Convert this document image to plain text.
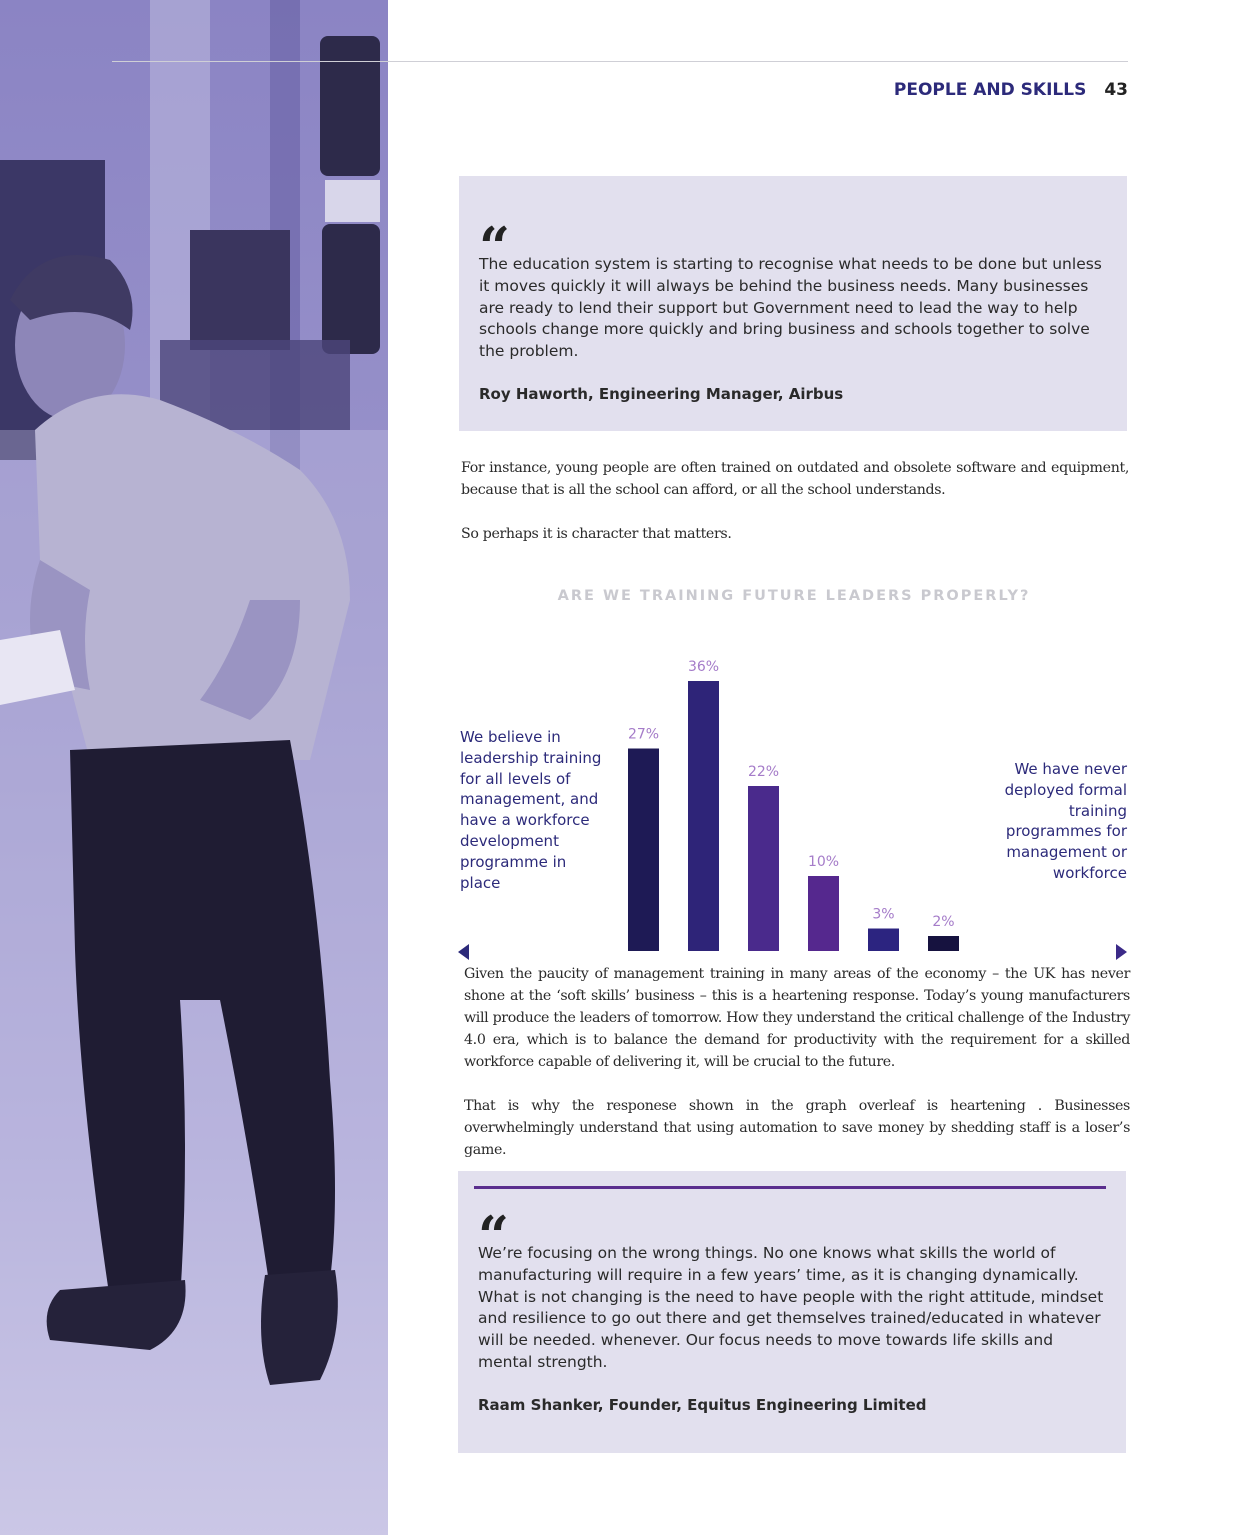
PEOPLE AND SKILLS 43
“
The education system is starting to recognise what needs to be done but unless it moves quickly it will always be behind the business needs. Many businesses are ready to lend their support but Government need to lead the way to help schools change more quickly and bring business and schools together to solve the problem.
Roy Haworth, Engineering Manager, Airbus

For instance, young people are often trained on outdated and obsolete software and equipment, because that is all the school can afford, or all the school understands.

So perhaps it is character that matters.

ARE WE TRAINING FUTURE LEADERS PROPERLY?
27%
36%
22%
10%
3%	2%
We believe in leadership training for all levels of management, and have a workforce development programme in place
We have never deployed formal training programmes for management or workforce

Given the paucity of management training in many areas of the economy – the UK has never shone at the ‘soft skills’ business – this is a heartening response. Today’s young manufacturers will produce the leaders of tomorrow. How they understand the critical challenge of the Industry 4.0 era, which is to balance the demand for productivity with the requirement for a skilled workforce capable of delivering it, will be crucial to the future.

That is why the responese shown in the graph overleaf is heartening . Businesses overwhelmingly understand that using automation to save money by shedding staff is a loser’s game.

“
We’re focusing on the wrong things. No one knows what skills the world of manufacturing will require in a few years’ time, as it is changing dynamically. What is not changing is the need to have people with the right attitude, mindset and resilience to go out there and get themselves trained/educated in whatever will be needed. whenever. Our focus needs to move towards life skills and mental strength.
Raam Shanker, Founder, Equitus Engineering Limited
